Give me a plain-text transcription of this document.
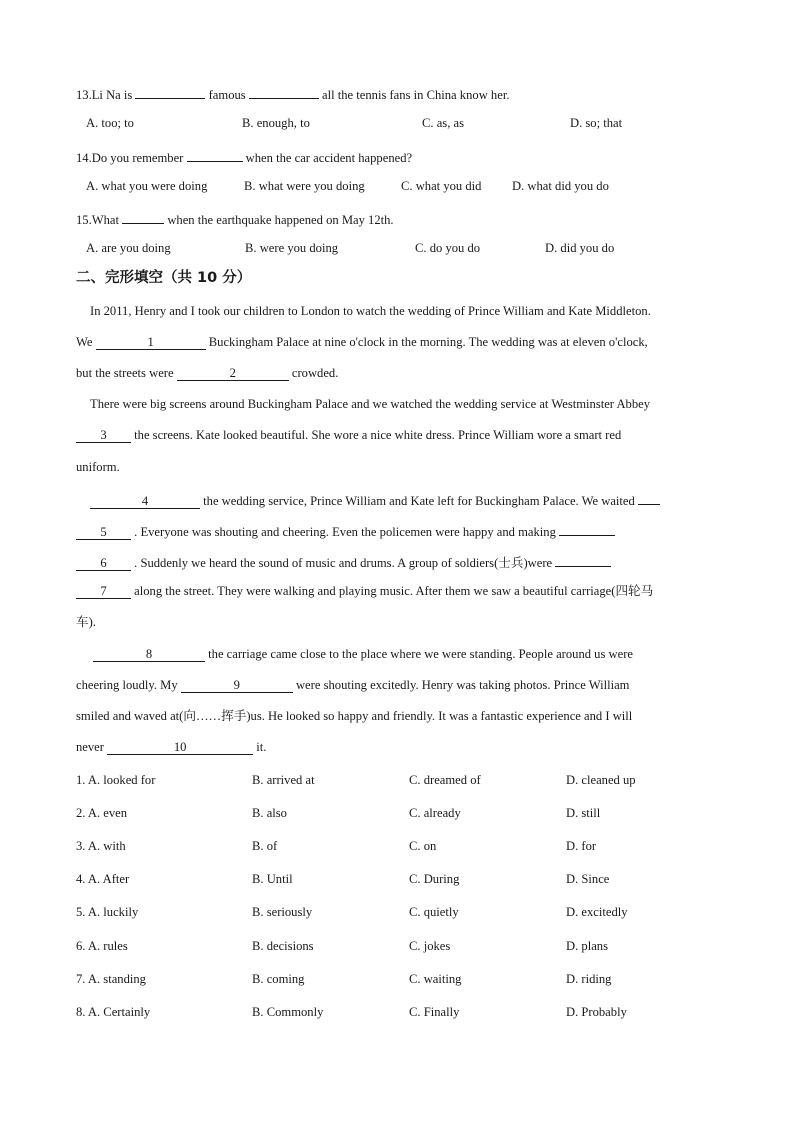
13.Li Na is	famous	all the tennis fans in China know her.
A. too; to	B. enough, to	C. as, as	D. so; that
14.Do you remember	when the car accident happened?
A. what you were doing	B. what were you doing	C. what you did D. what did you do
15.What	when the earthquake happened on May 12th.
A. are you doing	B. were you doing	C. do you do	D. did you do
二、完形填空（共 10 分）
In 2011, Henry and I took our children to London to watch the wedding of Prince William and Kate Middleton.
We	1	Buckingham Palace at nine o'clock in the morning. The wedding was at eleven o'clock,
but the streets were	2	crowded.
There were big screens around Buckingham Palace and we watched the wedding service at Westminster Abbey
3 the screens. Kate looked beautiful. She wore a nice white dress. Prince William wore a smart red
uniform.
4	the wedding service, Prince William and Kate left for Buckingham Palace. We waited
5 . Everyone was shouting and cheering. Even the policemen were happy and making
6 . Suddenly we heard the sound of music and drums. A group of soldiers(士兵)were
7 along the street. They were walking and playing music. After them we saw a beautiful carriage(四轮马
车).
8	the carriage came close to the place where we were standing. People around us were
cheering loudly. My	9	were shouting excitedly. Henry was taking photos. Prince William
smiled and waved at(向……挥手)us. He looked so happy and friendly. It was a fantastic experience and I will
never	10	it.
1. A. looked for	B. arrived at	C. dreamed of	D. cleaned up
2. A. even	B. also	C. already	D. still
3. A. with	B. of	C. on	D. for
4. A. After	B. Until	C. During	D. Since
5. A. luckily	B. seriously	C. quietly	D. excitedly
6. A. rules	B. decisions	C. jokes	D. plans
7. A. standing	B. coming	C. waiting	D. riding
8. A. Certainly	B. Commonly	C. Finally	D. Probably
